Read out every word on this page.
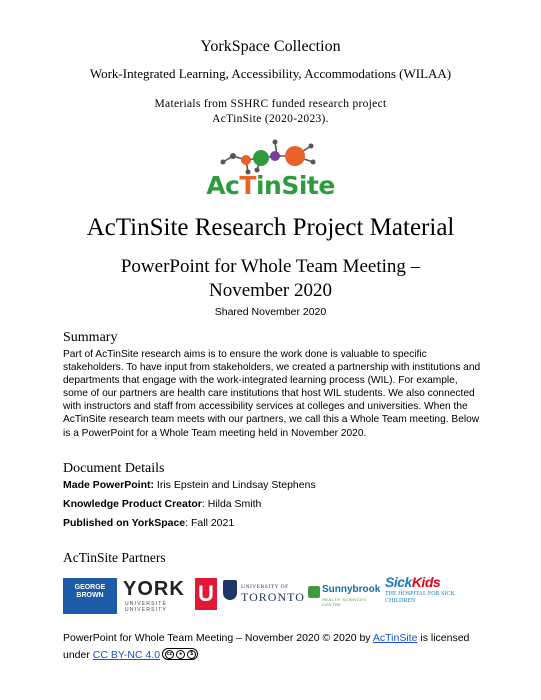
YorkSpace Collection
Work-Integrated Learning, Accessibility, Accommodations (WILAA)
Materials from SSHRC funded research project
AcTinSite (2020-2023).
AcTinSite
AcTinSite Research Project Material
PowerPoint for Whole Team Meeting –
November 2020
Shared November 2020
Summary
Part of AcTinSite research aims is to ensure the work done is valuable to specific stakeholders. To have input from stakeholders, we created a partnership with institutions and departments that engage with the work-integrated learning process (WIL). For example, some of our partners are health care institutions that host WIL students. We also connected with instructors and staff from accessibility services at colleges and universities. When the AcTinSite research team meets with our partners, we call this a Whole Team meeting. Below is a PowerPoint for a Whole Team meeting held in November 2020.
Document Details
Made PowerPoint: Iris Epstein and Lindsay Stephens
Knowledge Product Creator: Hilda Smith
Published on YorkSpace: Fall 2021
AcTinSite Partners
GEORGE BROWN YORK
UNIVERSITÉ UNIVERSITY
U	UNIVERSITY OF
TORONTO
Sunnybrook
HEALTH SCIENCES CENTRE
SickKids
THE HOSPITAL FOR SICK CHILDREN
PowerPoint for Whole Team Meeting – November 2020 © 2020 by AcTinSite is licensed under CC BY-NC 4.0	cc	●	$
